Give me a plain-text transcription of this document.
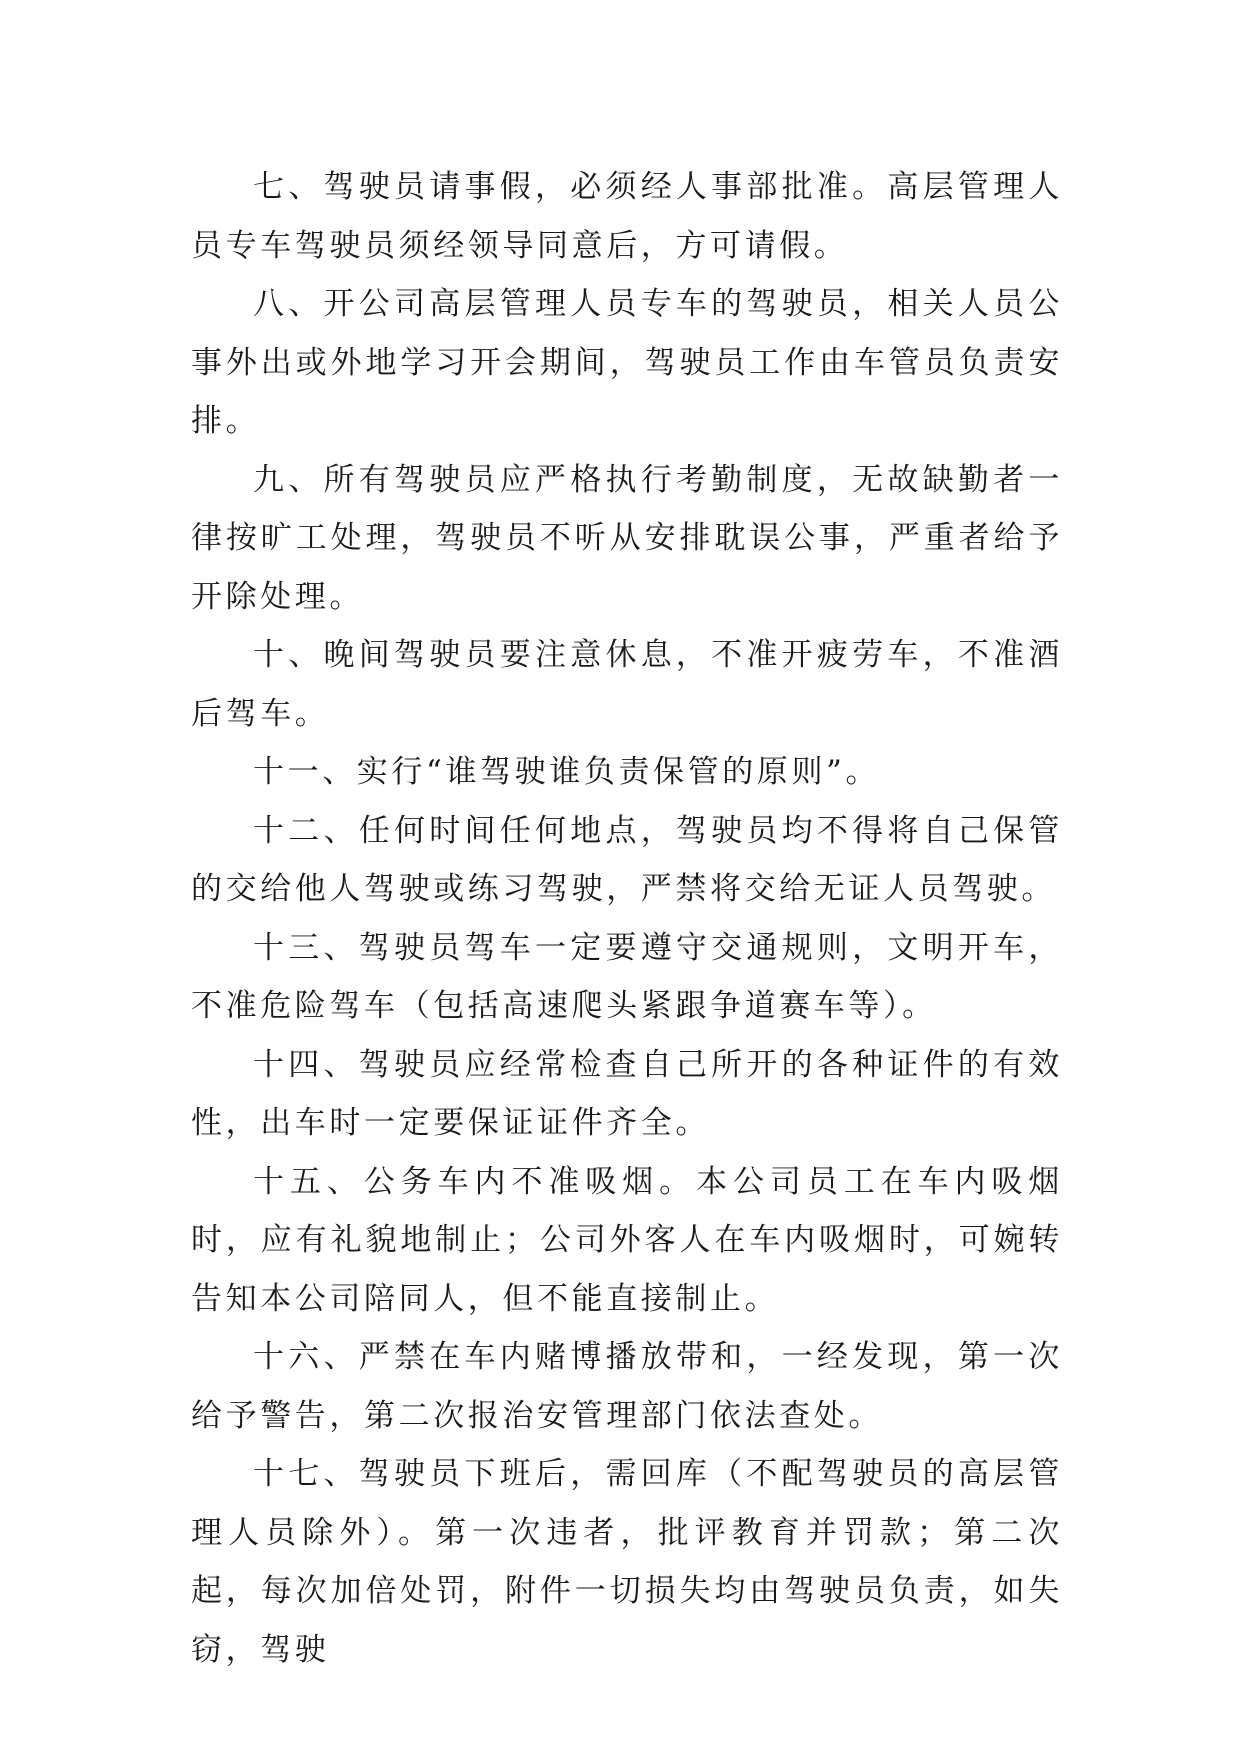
七、驾驶员请事假，必须经人事部批准。高层管理人员专车驾驶员须经领导同意后，方可请假。

八、开公司高层管理人员专车的驾驶员，相关人员公事外出或外地学习开会期间，驾驶员工作由车管员负责安排。

九、所有驾驶员应严格执行考勤制度，无故缺勤者一律按旷工处理，驾驶员不听从安排耽误公事，严重者给予开除处理。

十、晚间驾驶员要注意休息，不准开疲劳车，不准酒后驾车。

十一、实行“谁驾驶谁负责保管的原则”。

十二、任何时间任何地点，驾驶员均不得将自己保管的交给他人驾驶或练习驾驶，严禁将交给无证人员驾驶。

十三、驾驶员驾车一定要遵守交通规则，文明开车，不准危险驾车（包括高速爬头紧跟争道赛车等）。

十四、驾驶员应经常检查自己所开的各种证件的有效性，出车时一定要保证证件齐全。

十五、公务车内不准吸烟。本公司员工在车内吸烟时，应有礼貌地制止；公司外客人在车内吸烟时，可婉转告知本公司陪同人，但不能直接制止。

十六、严禁在车内赌博播放带和，一经发现，第一次给予警告，第二次报治安管理部门依法查处。

十七、驾驶员下班后，需回库（不配驾驶员的高层管理人员除外）。第一次违者，批评教育并罚款；第二次起，每次加倍处罚，附件一切损失均由驾驶员负责，如失窃，驾驶
